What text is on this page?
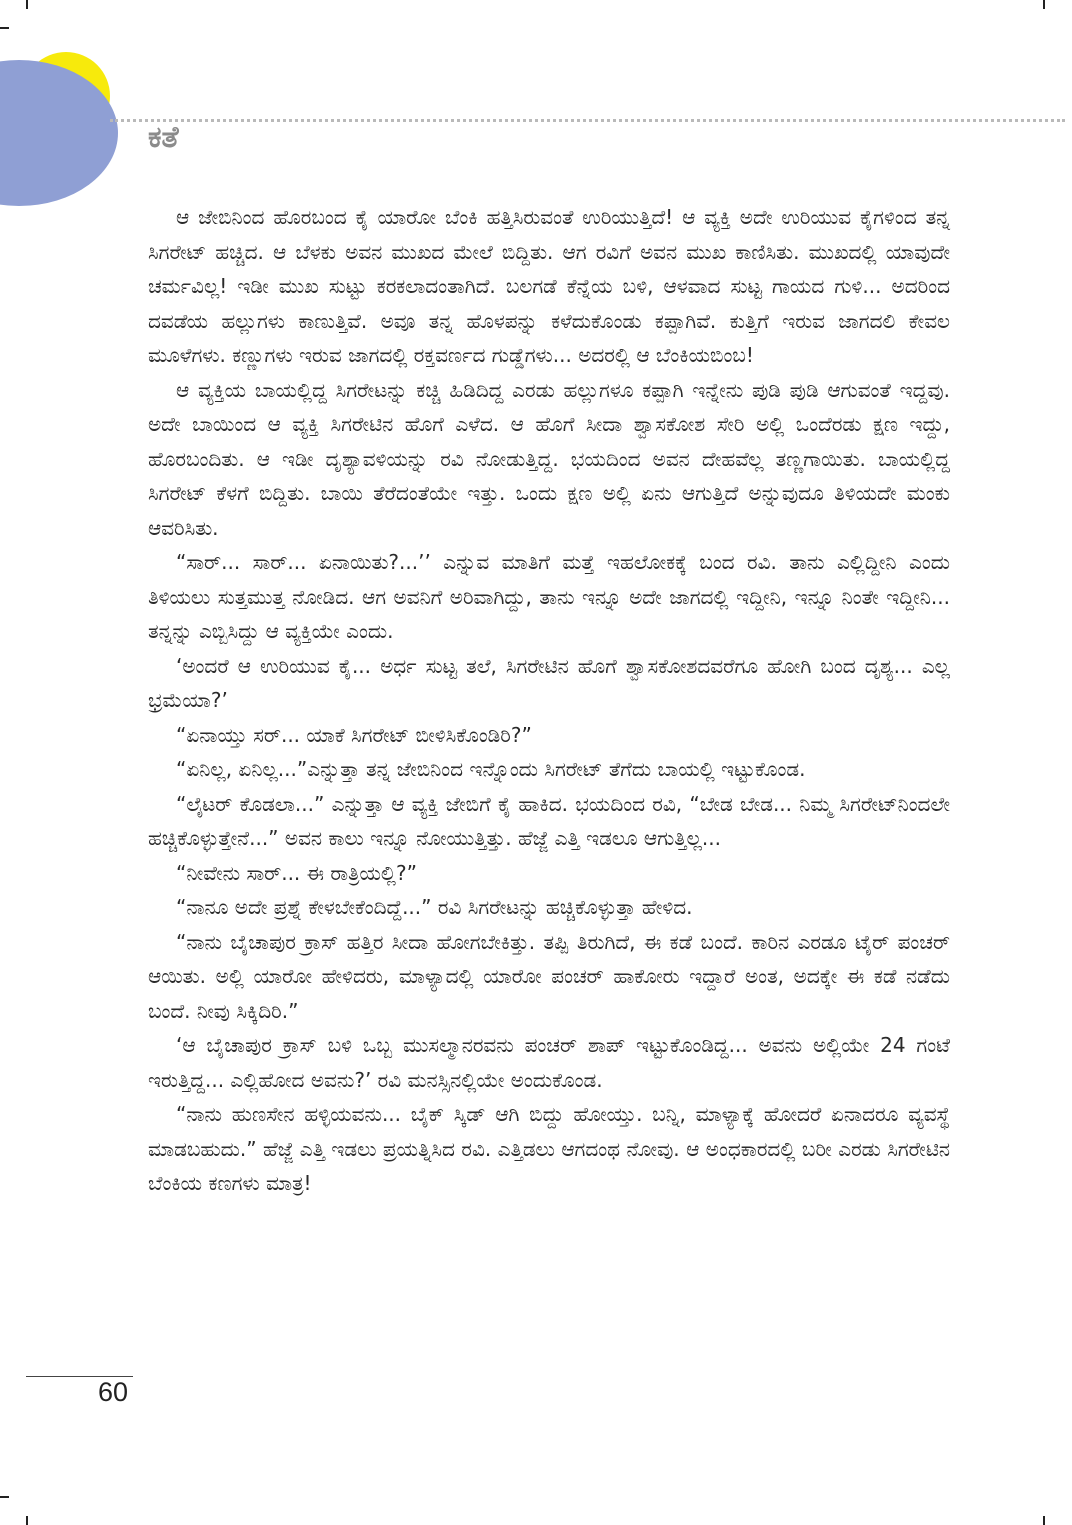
ಕತೆ

ಆ ಜೇಬಿನಿಂದ ಹೊರಬಂದ ಕೈ ಯಾರೋ ಬೆಂಕಿ ಹತ್ತಿಸಿರುವಂತೆ ಉರಿಯುತ್ತಿದೆ! ಆ ವ್ಯಕ್ತಿ ಅದೇ ಉರಿಯುವ ಕೈಗಳಿಂದ ತನ್ನ ಸಿಗರೇಟ್ ಹಚ್ಚಿದ. ಆ ಬೆಳಕು ಅವನ ಮುಖದ ಮೇಲೆ ಬಿದ್ದಿತು. ಆಗ ರವಿಗೆ ಅವನ ಮುಖ ಕಾಣಿಸಿತು. ಮುಖದಲ್ಲಿ ಯಾವುದೇ ಚರ್ಮವಿಲ್ಲ! ಇಡೀ ಮುಖ ಸುಟ್ಟು ಕರಕಲಾದಂತಾಗಿದೆ. ಬಲಗಡೆ ಕೆನ್ನೆಯ ಬಳಿ, ಆಳವಾದ ಸುಟ್ಟ ಗಾಯದ ಗುಳಿ... ಅದರಿಂದ ದವಡೆಯ ಹಲ್ಲುಗಳು ಕಾಣುತ್ತಿವೆ. ಅವೂ ತನ್ನ ಹೊಳಪನ್ನು ಕಳೆದುಕೊಂಡು ಕಪ್ಪಾಗಿವೆ. ಕುತ್ತಿಗೆ ಇರುವ ಜಾಗದಲಿ ಕೇವಲ ಮೂಳೆಗಳು. ಕಣ್ಣುಗಳು ಇರುವ ಜಾಗದಲ್ಲಿ ರಕ್ತವರ್ಣದ ಗುಡ್ಡೆಗಳು... ಅದರಲ್ಲಿ ಆ ಬೆಂಕಿಯಬಿಂಬ!

ಆ ವ್ಯಕ್ತಿಯ ಬಾಯಲ್ಲಿದ್ದ ಸಿಗರೇಟನ್ನು ಕಚ್ಚಿ ಹಿಡಿದಿದ್ದ ಎರಡು ಹಲ್ಲುಗಳೂ ಕಪ್ಪಾಗಿ ಇನ್ನೇನು ಪುಡಿ ಪುಡಿ ಆಗುವಂತೆ ಇದ್ದವು. ಅದೇ ಬಾಯಿಂದ ಆ ವ್ಯಕ್ತಿ ಸಿಗರೇಟಿನ ಹೊಗೆ ಎಳೆದ. ಆ ಹೊಗೆ ಸೀದಾ ಶ್ವಾಸಕೋಶ ಸೇರಿ ಅಲ್ಲಿ ಒಂದೆರಡು ಕ್ಷಣ ಇದ್ದು, ಹೊರಬಂದಿತು. ಆ ಇಡೀ ದೃಶ್ಯಾವಳಿಯನ್ನು ರವಿ ನೋಡುತ್ತಿದ್ದ. ಭಯದಿಂದ ಅವನ ದೇಹವೆಲ್ಲ ತಣ್ಣಗಾಯಿತು. ಬಾಯಲ್ಲಿದ್ದ ಸಿಗರೇಟ್ ಕೆಳಗೆ ಬಿದ್ದಿತು. ಬಾಯಿ ತೆರೆದಂತೆಯೇ ಇತ್ತು. ಒಂದು ಕ್ಷಣ ಅಲ್ಲಿ ಏನು ಆಗುತ್ತಿದೆ ಅನ್ನುವುದೂ ತಿಳಿಯದೇ ಮಂಕು ಆವರಿಸಿತು.

“ಸಾರ್... ಸಾರ್... ಏನಾಯಿತು?...’’ ಎನ್ನುವ ಮಾತಿಗೆ ಮತ್ತೆ ಇಹಲೋಕಕ್ಕೆ ಬಂದ ರವಿ. ತಾನು ಎಲ್ಲಿದ್ದೀನಿ ಎಂದು ತಿಳಿಯಲು ಸುತ್ತಮುತ್ತ ನೋಡಿದ. ಆಗ ಅವನಿಗೆ ಅರಿವಾಗಿದ್ದು, ತಾನು ಇನ್ನೂ ಅದೇ ಜಾಗದಲ್ಲಿ ಇದ್ದೀನಿ, ಇನ್ನೂ ನಿಂತೇ ಇದ್ದೀನಿ... ತನ್ನನ್ನು ಎಬ್ಬಿಸಿದ್ದು ಆ ವ್ಯಕ್ತಿಯೇ ಎಂದು.

‘ಅಂದರೆ ಆ ಉರಿಯುವ ಕೈ... ಅರ್ಧ ಸುಟ್ಟ ತಲೆ, ಸಿಗರೇಟಿನ ಹೊಗೆ ಶ್ವಾಸಕೋಶದವರೆಗೂ ಹೋಗಿ ಬಂದ ದೃಶ್ಯ... ಎಲ್ಲ ಭ್ರಮೆಯಾ?’

“ಏನಾಯ್ತು ಸರ್... ಯಾಕೆ ಸಿಗರೇಟ್ ಬೀಳಿಸಿಕೊಂಡಿರಿ?”

“ಏನಿಲ್ಲ, ಏನಿಲ್ಲ...”ಎನ್ನುತ್ತಾ ತನ್ನ ಜೇಬಿನಿಂದ ಇನ್ನೊಂದು ಸಿಗರೇಟ್ ತೆಗೆದು ಬಾಯಲ್ಲಿ ಇಟ್ಟುಕೊಂಡ.

“ಲೈಟರ್ ಕೊಡಲಾ...” ಎನ್ನುತ್ತಾ ಆ ವ್ಯಕ್ತಿ ಜೇಬಿಗೆ ಕೈ ಹಾಕಿದ. ಭಯದಿಂದ ರವಿ, “ಬೇಡ ಬೇಡ... ನಿಮ್ಮ ಸಿಗರೇಟ್‌ನಿಂದಲೇ ಹಚ್ಚಿಕೊಳ್ಳುತ್ತೇನೆ...” ಅವನ ಕಾಲು ಇನ್ನೂ ನೋಯುತ್ತಿತ್ತು. ಹೆಜ್ಜೆ ಎತ್ತಿ ಇಡಲೂ ಆಗುತ್ತಿಲ್ಲ...

“ನೀವೇನು ಸಾರ್... ಈ ರಾತ್ರಿಯಲ್ಲಿ?”

“ನಾನೂ ಅದೇ ಪ್ರಶ್ನೆ ಕೇಳಬೇಕೆಂದಿದ್ದೆ...” ರವಿ ಸಿಗರೇಟನ್ನು ಹಚ್ಚಿಕೊಳ್ಳುತ್ತಾ ಹೇಳಿದ.

“ನಾನು ಬೈಚಾಪುರ ಕ್ರಾಸ್ ಹತ್ತಿರ ಸೀದಾ ಹೋಗಬೇಕಿತ್ತು. ತಪ್ಪಿ ತಿರುಗಿದೆ, ಈ ಕಡೆ ಬಂದೆ. ಕಾರಿನ ಎರಡೂ ಟೈರ್ ಪಂಚರ್ ಆಯಿತು. ಅಲ್ಲಿ ಯಾರೋ ಹೇಳಿದರು, ಮಾಳ್ಯಾದಲ್ಲಿ ಯಾರೋ ಪಂಚರ್ ಹಾಕೋರು ಇದ್ದಾರೆ ಅಂತ, ಅದಕ್ಕೇ ಈ ಕಡೆ ನಡೆದು ಬಂದೆ. ನೀವು ಸಿಕ್ಕಿದಿರಿ.”

‘ಆ ಬೈಚಾಪುರ ಕ್ರಾಸ್ ಬಳಿ ಒಬ್ಬ ಮುಸಲ್ಮಾನರವನು ಪಂಚರ್ ಶಾಪ್ ಇಟ್ಟುಕೊಂಡಿದ್ದ... ಅವನು ಅಲ್ಲಿಯೇ 24 ಗಂಟೆ ಇರುತ್ತಿದ್ದ... ಎಲ್ಲಿಹೋದ ಅವನು?’ ರವಿ ಮನಸ್ಸಿನಲ್ಲಿಯೇ ಅಂದುಕೊಂಡ.

“ನಾನು ಹುಣಸೇನ ಹಳ್ಳಿಯವನು... ಬೈಕ್ ಸ್ಕಿಡ್ ಆಗಿ ಬಿದ್ದು ಹೋಯ್ತು. ಬನ್ನಿ, ಮಾಳ್ಯಾಕ್ಕೆ ಹೋದರೆ ಏನಾದರೂ ವ್ಯವಸ್ಥೆ ಮಾಡಬಹುದು.” ಹೆಜ್ಜೆ ಎತ್ತಿ ಇಡಲು ಪ್ರಯತ್ನಿಸಿದ ರವಿ. ಎತ್ತಿಡಲು ಆಗದಂಥ ನೋವು. ಆ ಅಂಧಕಾರದಲ್ಲಿ ಬರೀ ಎರಡು ಸಿಗರೇಟಿನ ಬೆಂಕಿಯ ಕಣಗಳು ಮಾತ್ರ!

60
